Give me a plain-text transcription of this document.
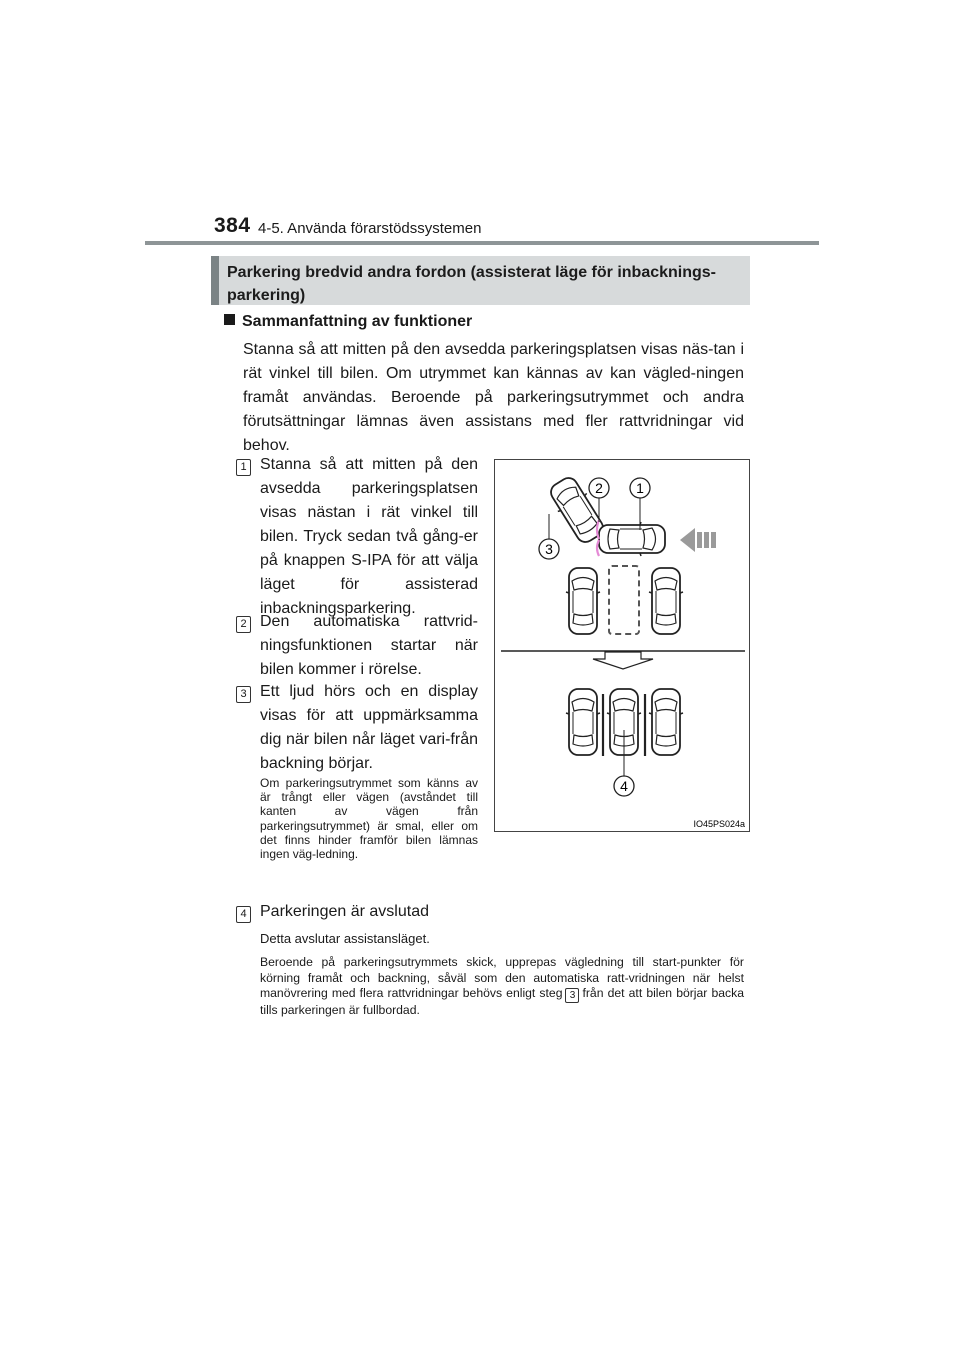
384 4-5. Använda förarstödssystemen
Parkering bredvid andra fordon (assisterat läge för inbacknings-parkering)
Sammanfattning av funktioner
Stanna så att mitten på den avsedda parkeringsplatsen visas näs-tan i rät vinkel till bilen. Om utrymmet kan kännas av kan vägled-ningen framåt användas. Beroende på parkeringsutrymmet och andra förutsättningar lämnas även assistans med fler rattvridningar vid behov.
1 Stanna så att mitten på den avsedda parkeringsplatsen visas nästan i rät vinkel till bilen. Tryck sedan två gång-er på knappen S-IPA för att välja läget för assisterad inbackningsparkering.
2 Den automatiska rattvrid-ningsfunktionen startar när bilen kommer i rörelse.
3 Ett ljud hörs och en display visas för att uppmärksamma dig när bilen når läget vari-från backning börjar.
Om parkeringsutrymmet som känns av är trångt eller vägen (avståndet till kanten av vägen från parkeringsutrymmet) är smal, eller om det finns hinder framför bilen lämnas ingen väg-ledning.
4 Parkeringen är avslutad
Detta avslutar assistansläget.
Beroende på parkeringsutrymmets skick, upprepas vägledning till start-punkter för körning framåt och backning, såväl som den automatiska ratt-vridningen när helst manövrering med flera rattvridningar behövs enligt steg 3 från det att bilen börjar backa tills parkeringen är fullbordad.
1
2
3
4
IO45PS024a
